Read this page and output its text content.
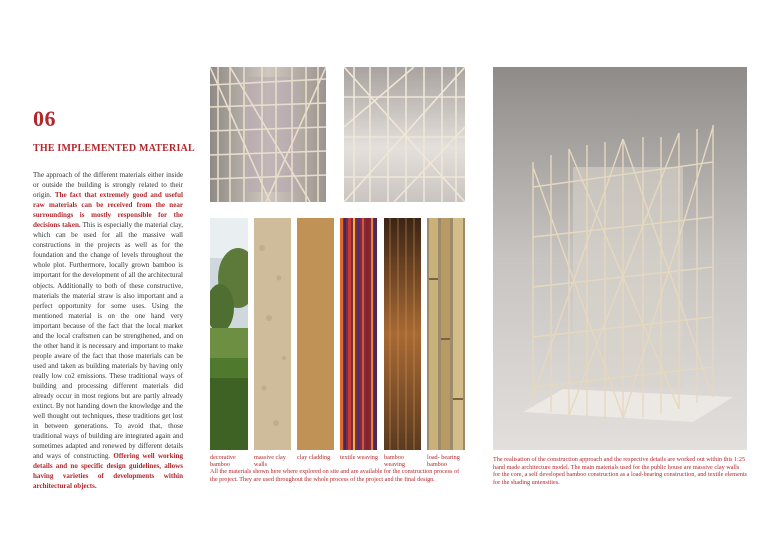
06
THE IMPLEMENTED MATERIAL
The approach of the different materials either inside or outside the building is strongly related to their origin. The fact that extremely good and useful raw materials can be received from the near surroundings is mostly responsible for the decisions taken. This is especially the material clay, which can be used for all the massive wall constructions in the projects as well as for the foundation and the change of levels throughout the whole plot. Furthermore, locally grown bamboo is important for the development of all the architectural objects. Additionally to both of these constructive, materials the material straw is also important and a perfect opportunity for some uses. Using the mentioned material is on the one hand very important because of the fact that the local market and the local craftsmen can be strengthened, and on the other hand it is necessary and important to make people aware of the fact that those materials can be used and taken as building materials by having only really low co2 emissions. These traditional ways of building and processing different materials did already occur in most regions but are partly already extinct. By not handing down the knowledge and the well thought out techniques, these traditions get lost in between generations. To avoid that, those traditional ways of building are integrated again and sometimes adapted and renewed by different details and ways of constructing. Offering well working details and no specific design guidelines, allows having varieties of developments within architectural objects.
decorative bamboo
massive clay walls
clay cladding	textile weaving bamboo weaving
load- bearing bamboo
All the materials shown here where explored on site and are available for the construction process of the project. They are used throughout the whole process of the project and the final design.
The realisation of the construction approach and the respective details are worked out within this 1:25 hand made architecture model. The main materials used for the public house are massive clay walls for the core, a self developed bamboo construction as a load-bearing construction, and textile elements for the shading untensities.
